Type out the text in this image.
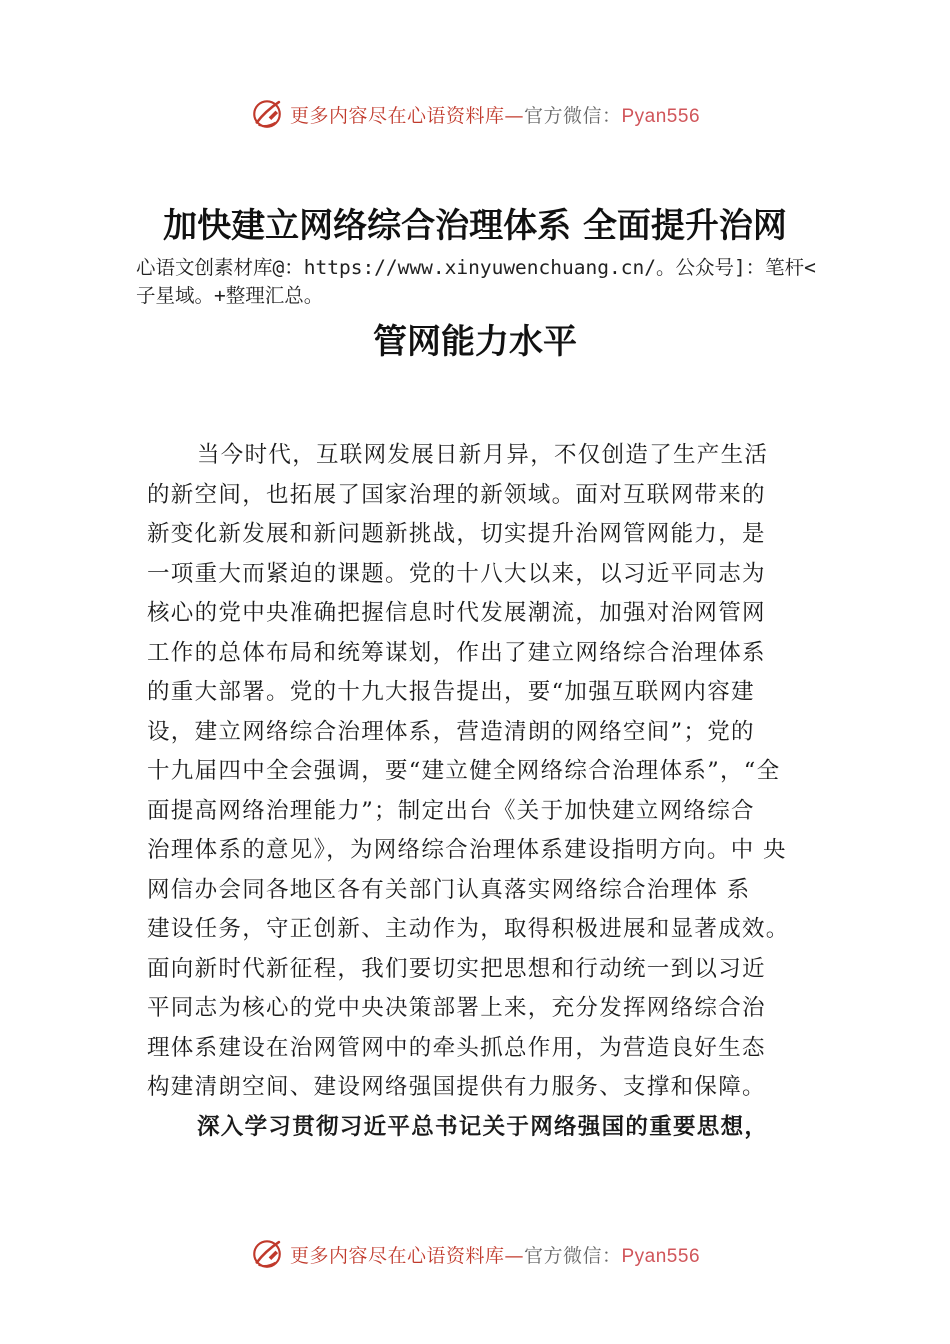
更多内容尽在心语资料库—官方微信：Pyan556
加快建立网络综合治理体系 全面提升治网
心语文创素材库@：https://www.xinyuwenchuang.cn/。公众号]：笔杆<子星域。+整理汇总。
管网能力水平
当今时代，互联网发展日新月异，不仅创造了生产生活
的新空间，也拓展了国家治理的新领域。面对互联网带来的
新变化新发展和新问题新挑战，切实提升治网管网能力，是
一项重大而紧迫的课题。党的十八大以来，以习近平同志为
核心的党中央准确把握信息时代发展潮流，加强对治网管网
工作的总体布局和统筹谋划，作出了建立网络综合治理体系
的重大部署。党的十九大报告提出，要“加强互联网内容建
设，建立网络综合治理体系，营造清朗的网络空间”；党的
十九届四中全会强调，要“建立健全网络综合治理体系”，“全
面提高网络治理能力”；制定出台《关于加快建立网络综合
治理体系的意见》，为网络综合治理体系建设指明方向。中 央
网信办会同各地区各有关部门认真落实网络综合治理体 系
建设任务，守正创新、主动作为，取得积极进展和显著成效。
面向新时代新征程，我们要切实把思想和行动统一到以习近
平同志为核心的党中央决策部署上来，充分发挥网络综合治
理体系建设在治网管网中的牵头抓总作用，为营造良好生态
构建清朗空间、建设网络强国提供有力服务、支撑和保障。
深入学习贯彻习近平总书记关于网络强国的重要思想，
更多内容尽在心语资料库—官方微信：Pyan556
